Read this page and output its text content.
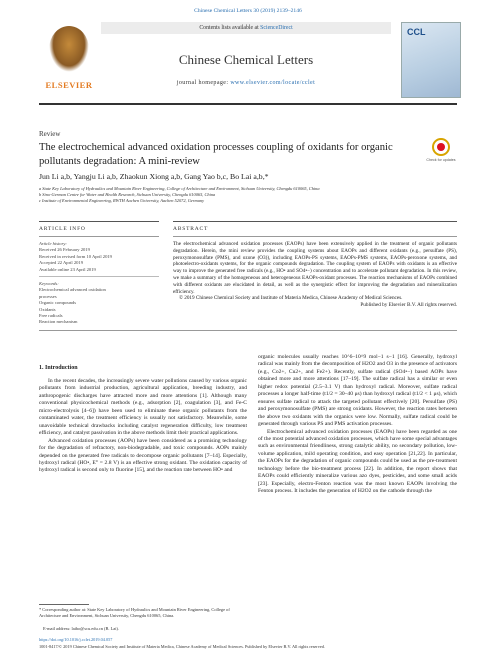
Chinese Chemical Letters 30 (2019) 2139–2146
ELSEVIER
Contents lists available at ScienceDirect
Chinese Chemical Letters
journal homepage: www.elsevier.com/locate/cclet
CCL
Review
The electrochemical advanced oxidation processes coupling of oxidants for organic pollutants degradation: A mini-review	Check for updates
Jun Li a,b, Yangju Li a,b, Zhaokun Xiong a,b, Gang Yao b,c, Bo Lai a,b,*
a State Key Laboratory of Hydraulics and Mountain River Engineering, College of Architecture and Environment, Sichuan University, Chengdu 610065, China
b Sino-German Centre for Water and Health Research, Sichuan University, Chengdu 610065, China
c Institute of Environmental Engineering, RWTH Aachen University, Aachen 52072, Germany
ARTICLE INFO	ABSTRACT
Article history:
Received 26 February 2019
Received in revised form 10 April 2019
Accepted 22 April 2019
Available online 23 April 2019
Keywords:
Electrochemical advanced oxidation
processes
Organic compounds
Oxidants
Free radicals
Reaction mechanism
The electrochemical advanced oxidation processes (EAOPs) have been extensively applied in the treatment of organic pollutants degradation. Herein, the mini review provides the coupling systems about EAOPs and different oxidants (e.g., persulfate (PS), peroxymonosulfate (PMS), and ozone (O3)), including EAOPs-PS systems, EAOPs-PMS systems, EAOPs-peroxone systems, and photoelectro-oxidants systems, for the organic compounds degradation. The coupling system of EAOPs with oxidants is an effective way to improve the generated free radicals (e.g., HO• and SO4•−) concentration and to accelerate pollutant degradation. In this review, we make a summary of the homogeneous and heterogeneous EAOPs-oxidant processes. The reaction mechanisms of EAOPs combined with different oxidants are elucidated in detail, as well as the synergistic effect for improving the degradation and mineralization efficiency.
© 2019 Chinese Chemical Society and Institute of Materia Medica, Chinese Academy of Medical Sciences.
Published by Elsevier B.V. All rights reserved.
1. Introduction

In the recent decades, the increasingly severe water pollutions caused by various organic pollutants from industrial production, agricultural application, breeding industry, and anthropogenic discharges have attracted more and more attentions [1]. Although many conventional physicochemical methods (e.g., adsorption [2], coagulation [3], and Fe-C micro-electrolysis [4–6]) have been used to eliminate these organic pollutants from the contaminated water, the treatment efficiency is usually not satisfactory. Meanwhile, some unavoidable technical drawbacks including catalyst regeneration difficulty, low treatment efficiency, and catalyst passivation in the above methods limit their practical applications.

Advanced oxidation processes (AOPs) have been considered as a promising technology for the degradation of refractory, non-biodegradable, and toxic compounds. AOPs mainly depended on the generated free radicals to decompose organic pollutants [7–14]. Especially, hydroxyl radical (HO•, E° = 2.8 V) is an effective strong oxidant. The oxidation capacity of hydroxyl radical is second only to fluorine [15], and the reaction rate between HO• and

organic molecules usually reaches 10^6–10^9 mol−1 s−1 [16]. Generally, hydroxyl radical was mainly from the decomposition of H2O2 and O3 in the presence of activators (e.g., Co2+, Cu2+, and Fe2+). Recently, sulfate radical (SO4•−) based AOPs have obtained more and more attentions [17–19]. The sulfate radical has a similar or even higher redox potential (2.5–3.1 V) than hydroxyl radical. Moreover, sulfate radical processes a longer half-time (t1/2 = 30–40 μs) than hydroxyl radical (t1/2 < 1 μs), which ensures sulfate radical to attack the targeted pollutant effectively [20]. Persulfate (PS) and peroxymonosulfate (PMS) are strong oxidants. However, the reaction rates between the above two oxidants with the organics were low. Normally, sulfate radical could be generated through various PS and PMS activation processes.

Electrochemical advanced oxidation processes (EAOPs) have been regarded as one of the most potential advanced oxidation processes, which have some special advantages such as environmental friendliness, strong catalytic ability, no secondary pollution, low-volume application, mild operating condition, and easy operation [21,22]. In particular, the EAOPs for the degradation of organic compounds could be used as the pre-treatment technology before the bio-treatment process [22]. In addition, the report shows that EAOPs could efficiently mineralize various azo dyes, pesticides, and some small acids [23]. Especially, electro-Fenton reaction was the most known EAOPs involving the Fenton process. It includes the generation of H2O2 on the cathode through the

* Corresponding author at: State Key Laboratory of Hydraulics and Mountain River Engineering, College of Architecture and Environment, Sichuan University, Chengdu 610065, China.
E-mail address: laibo@scu.edu.cn (B. Lai).
https://doi.org/10.1016/j.cclet.2019.04.057
1001-8417/© 2019 Chinese Chemical Society and Institute of Materia Medica, Chinese Academy of Medical Sciences. Published by Elsevier B.V. All rights reserved.
